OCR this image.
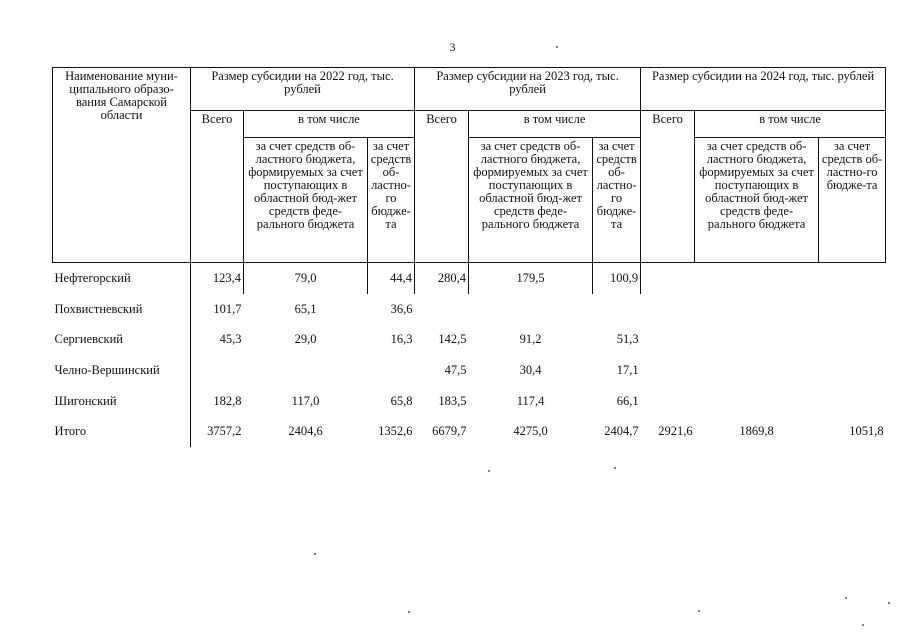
3
Наименование муни-ципального образо-вания Самарской области	Размер субсидии на 2022 год, тыс. рублей			Размер субсидии на 2023 год, тыс. рублей			Размер субсидии на 2024 год, тыс. рублей		
	Всего	в том числе		Всего	в том числе		Всего	в том числе	
		за счет средств об-ластного бюджета, формируемых за счет поступающих в областной бюд-жет средств феде-рального бюджета	за счет средств об-ластно-го бюдже-та		за счет средств об-ластного бюджета, формируемых за счет поступающих в областной бюд-жет средств феде-рального бюджета	за счет средств об-ластно-го бюдже-та		за счет средств об-ластного бюджета, формируемых за счет поступающих в областной бюд-жет средств феде-рального бюджета	за счет средств об-ластно-го бюдже-та
Нефтегорский	123,4	79,0	44,4	280,4	179,5	100,9			
Похвистневский	101,7	65,1	36,6						
Сергиевский	45,3	29,0	16,3	142,5	91,2	51,3			
Челно-Вершинский				47,5	30,4	17,1			
Шигонский	182,8	117,0	65,8	183,5	117,4	66,1			
Итого	3757,2	2404,6	1352,6	6679,7	4275,0	2404,7	2921,6	1869,8	1051,8
